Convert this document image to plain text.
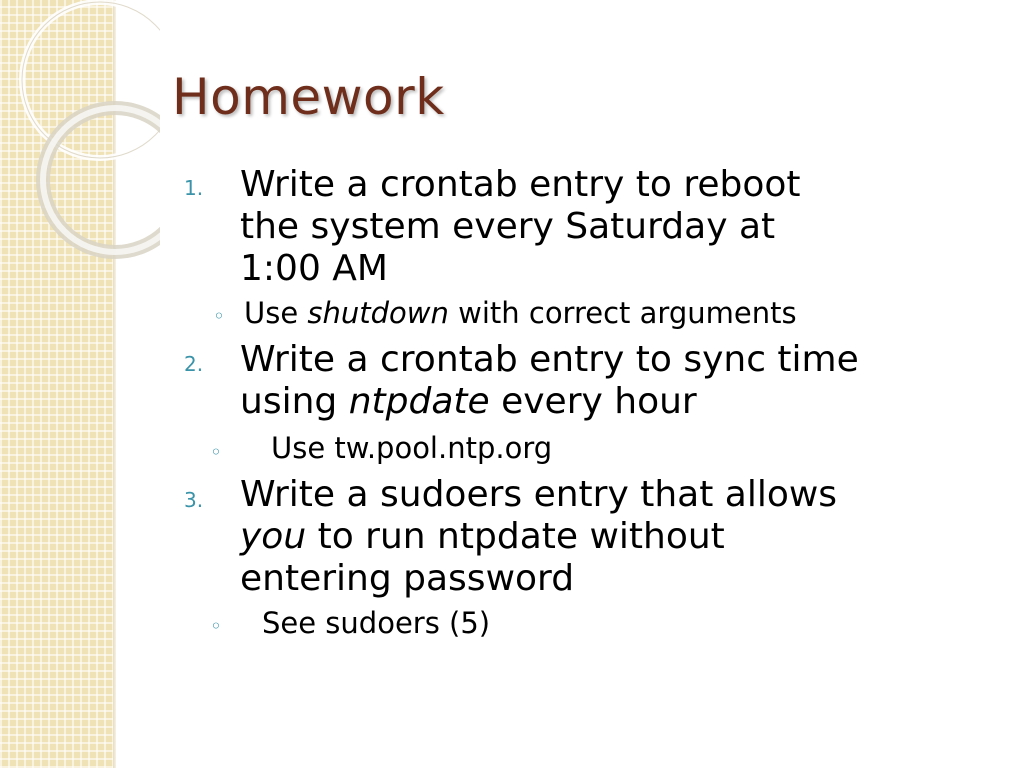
Homework
1. Write a crontab entry to reboot
the system every Saturday at
1:00 AM
◦ Use shutdown with correct arguments
2. Write a crontab entry to sync time
using ntpdate every hour
◦ Use tw.pool.ntp.org
3. Write a sudoers entry that allows
you to run ntpdate without
entering password
◦ See sudoers (5)
